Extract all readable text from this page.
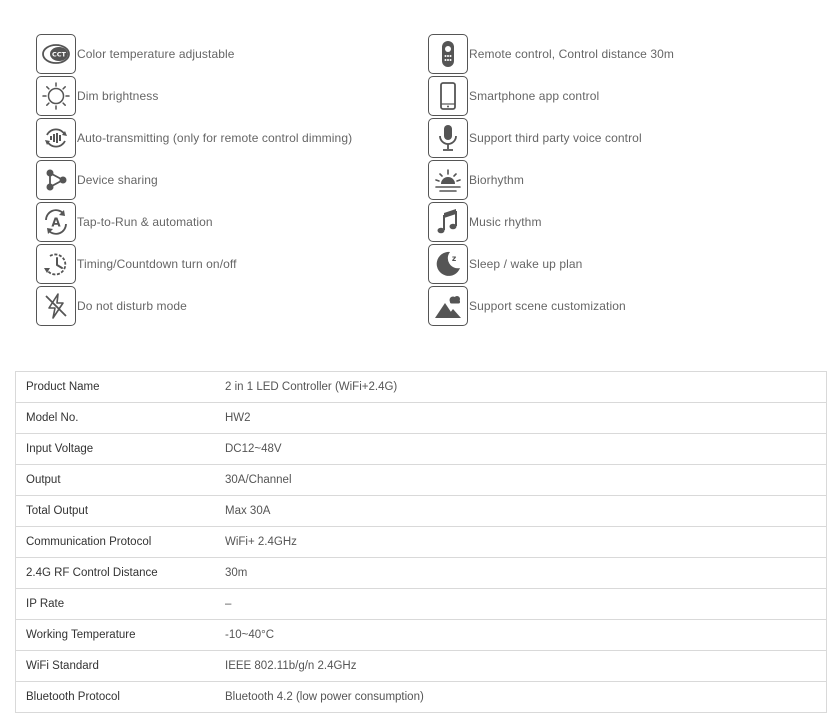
CCT Color temperature adjustable
Dim brightness
Auto-transmitting (only for remote control dimming)
Device sharing
A Tap-to-Run & automation
Timing/Countdown turn on/off
Do not disturb mode
Remote control, Control distance 30m
Smartphone app control
Support third party voice control
Biorhythm
Music rhythm
z Sleep / wake up plan
Support scene customization
Product Name	2 in 1 LED Controller (WiFi+2.4G)
Model No.	HW2
Input Voltage	DC12~48V
Output	30A/Channel
Total Output	Max 30A
Communication Protocol	WiFi+ 2.4GHz
2.4G RF Control Distance	30m
IP Rate	–
Working Temperature	-10~40°C
WiFi Standard	IEEE 802.11b/g/n 2.4GHz
Bluetooth Protocol	Bluetooth 4.2 (low power consumption)
